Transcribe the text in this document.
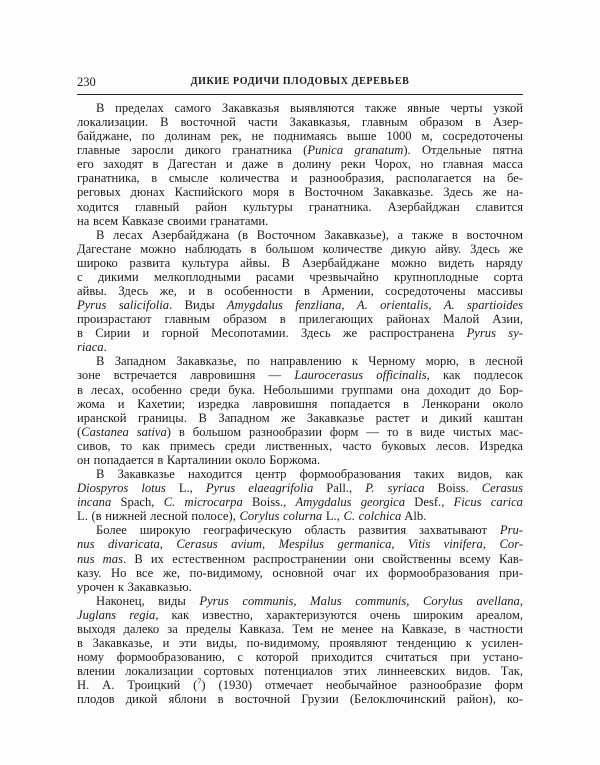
230	ДИКИЕ РОДИЧИ ПЛОДОВЫХ ДЕРЕВЬЕВ
В пределах самого Закавказья выявляются также явные черты узкой
локализации. В восточной части Закавказья, главным образом в Азер-
байджане, по долинам рек, не поднимаясь выше 1000 м, сосредоточены
главные заросли дикого гранатника (Punica granatum). Отдельные пятна
его заходят в Дагестан и даже в долину реки Чорох, но главная масса
гранатника, в смысле количества и разнообразия, располагается на бе-
реговых дюнах Каспийского моря в Восточном Закавказье. Здесь же на-
ходится главный район культуры гранатника. Азербайджан славится
на всем Кавказе своими гранатами.
В лесах Азербайджана (в Восточном Закавказье), а также в восточном
Дагестане можно наблюдать в большом количестве дикую айву. Здесь же
широко развита культура айвы. В Азербайджане можно видеть наряду
с дикими мелкоплодными расами чрезвычайно крупноплодные сорта
айвы. Здесь же, и в особенности в Армении, сосредоточены массивы
Pyrus salicifolia. Виды Amygdalus fenzliana, A. orientalis, A. spartioides
произрастают главным образом в прилегающих районах Малой Азии,
в Сирии и горной Месопотамии. Здесь же распространена Pyrus sy-
riaca.
В Западном Закавказье, по направлению к Черному морю, в лесной
зоне встречается лавровишня — Laurocerasus officinalis, как подлесок
в лесах, особенно среди бука. Небольшими группами она доходит до Бор-
жома и Кахетии; изредка лавровишня попадается в Ленкорани около
иранской границы. В Западном же Закавказье растет и дикий каштан
(Castanea sativa) в большом разнообразии форм — то в виде чистых мас-
сивов, то как примесь среди лиственных, часто буковых лесов. Изредка
он попадается в Карталинии около Боржома.
В Закавказье находится центр формообразования таких видов, как
Diospyros lotus L., Pyrus elaeagrifolia Pall., P. syriaca Boiss. Cerasus
incana Spach, C. microcarpa Boiss., Amygdalus georgica Desf., Ficus carica
L. (в нижней лесной полосе), Corylus colurna L., C. colchica Alb.
Более широкую географическую область развития захватывают Pru-
nus divaricata, Cerasus avium, Mespilus germanica, Vitis vinifera, Cor-
nus mas. В их естественном распространении они свойственны всему Кав-
казу. Но все же, по-видимому, основной очаг их формообразования при-
урочен к Закавказью.
Наконец, виды Pyrus communis, Malus communis, Corylus avellana,
Juglans regia, как известно, характеризуются очень широким ареалом,
выходя далеко за пределы Кавказа. Тем не менее на Кавказе, в частности
в Закавказье, и эти виды, по-видимому, проявляют тенденцию к усилен-
ному формообразованию, с которой приходится считаться при устано-
влении локализации сортовых потенциалов этих линнеевских видов. Так,
Н. А. Троицкий ($^7$) (1930) отмечает необычайное разнообразие форм
плодов дикой яблони в восточной Грузии (Белоключинский район), ко-
